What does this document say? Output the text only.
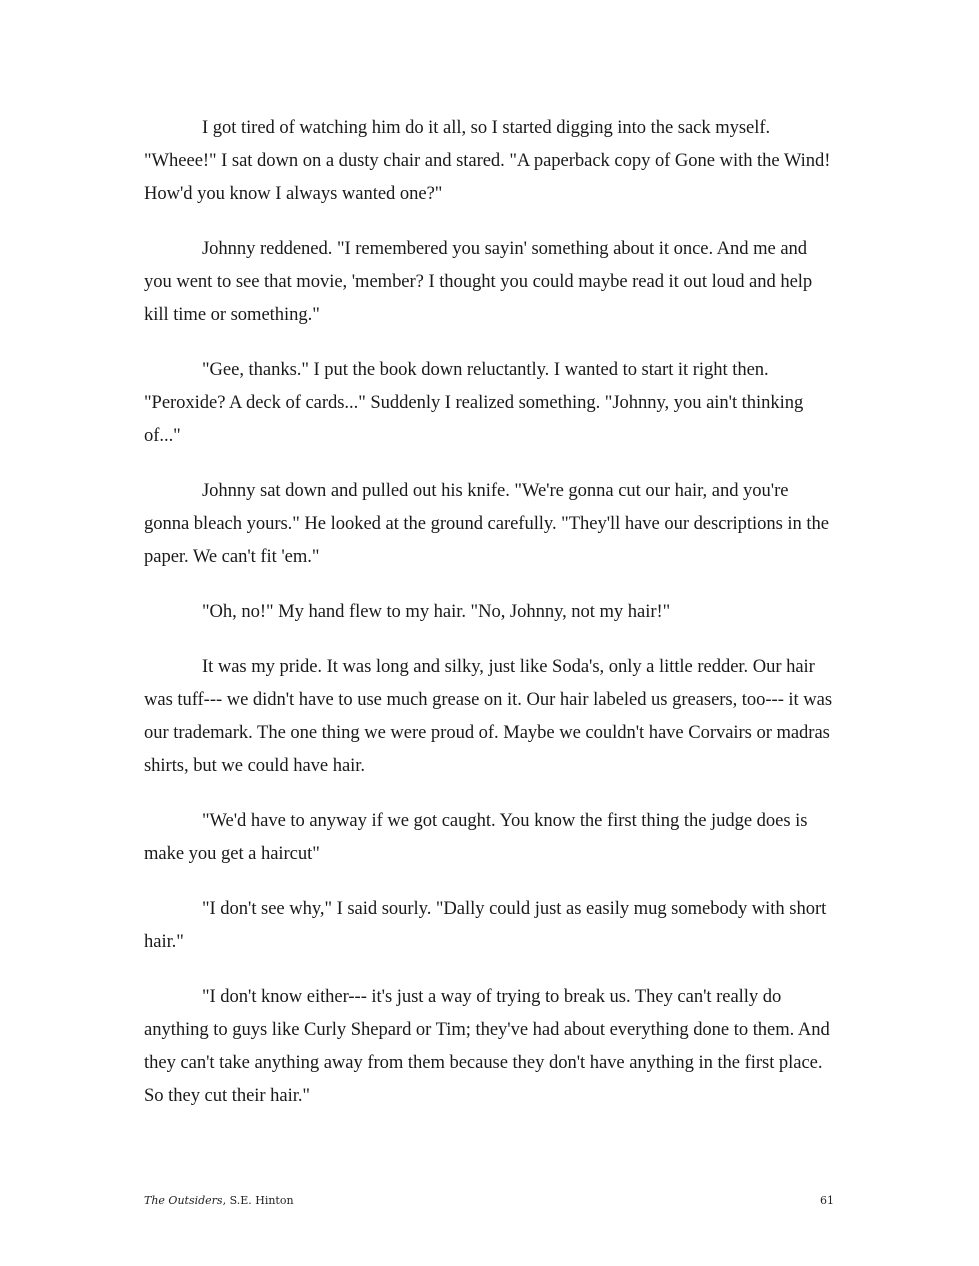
I got tired of watching him do it all, so I started digging into the sack myself. "Wheee!" I sat down on a dusty chair and stared. "A paperback copy of Gone with the Wind! How'd you know I always wanted one?"

Johnny reddened. "I remembered you sayin' something about it once. And me and you went to see that movie, 'member? I thought you could maybe read it out loud and help kill time or something."

"Gee, thanks." I put the book down reluctantly. I wanted to start it right then. "Peroxide? A deck of cards..." Suddenly I realized something. "Johnny, you ain't thinking of..."

Johnny sat down and pulled out his knife. "We're gonna cut our hair, and you're gonna bleach yours." He looked at the ground carefully. "They'll have our descriptions in the paper. We can't fit 'em."

"Oh, no!" My hand flew to my hair. "No, Johnny, not my hair!"

It was my pride. It was long and silky, just like Soda's, only a little redder. Our hair was tuff--- we didn't have to use much grease on it. Our hair labeled us greasers, too--- it was our trademark. The one thing we were proud of. Maybe we couldn't have Corvairs or madras shirts, but we could have hair.

"We'd have to anyway if we got caught. You know the first thing the judge does is make you get a haircut"

"I don't see why," I said sourly. "Dally could just as easily mug somebody with short hair."

"I don't know either--- it's just a way of trying to break us. They can't really do anything to guys like Curly Shepard or Tim; they've had about everything done to them. And they can't take anything away from them because they don't have anything in the first place. So they cut their hair."

The Outsiders, S.E. Hinton	61
